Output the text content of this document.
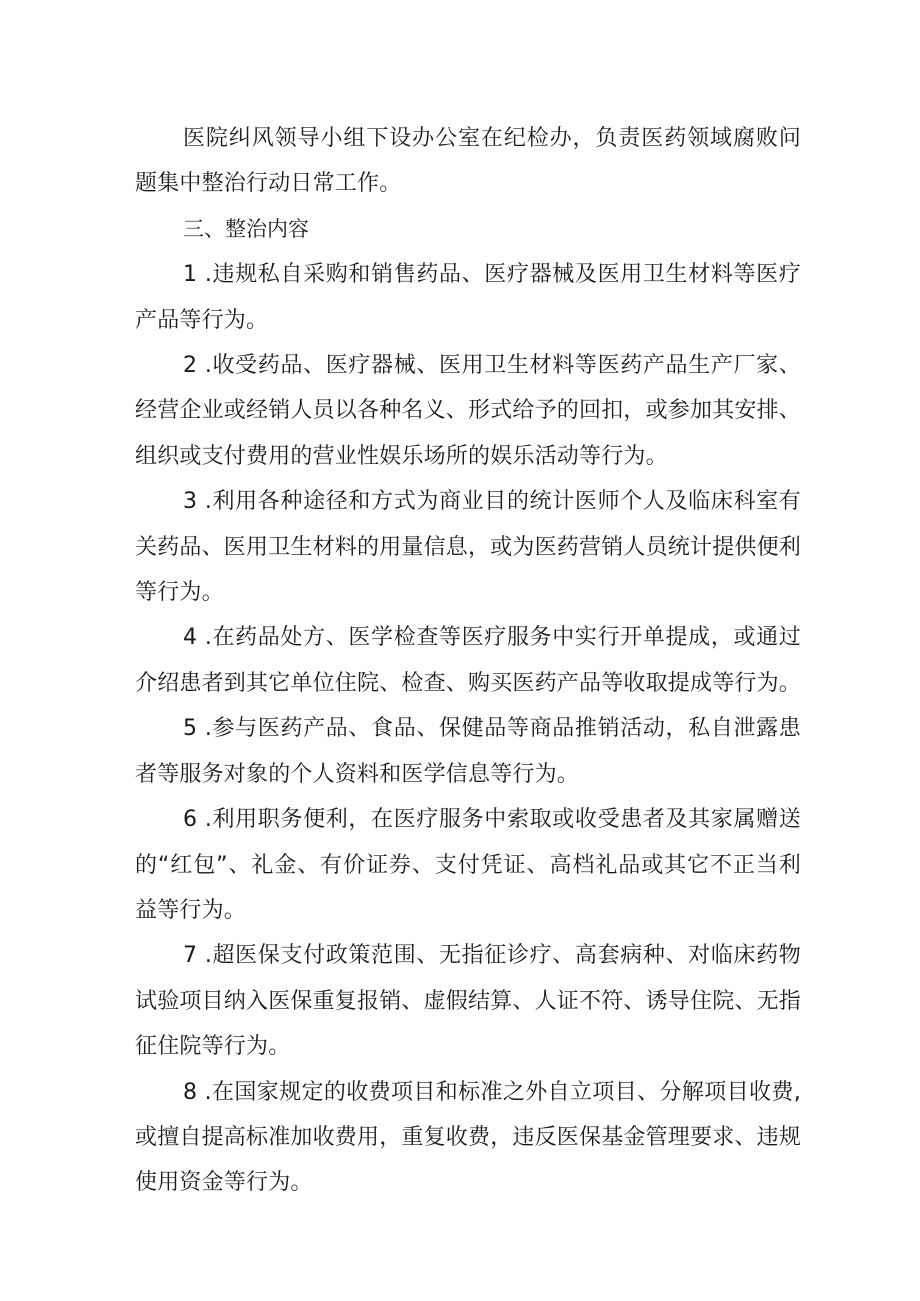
医院纠风领导小组下设办公室在纪检办，负责医药领域腐败问题集中整治行动日常工作。

三、整治内容

1 .违规私自采购和销售药品、医疗器械及医用卫生材料等医疗产品等行为。

2 .收受药品、医疗器械、医用卫生材料等医药产品生产厂家、经营企业或经销人员以各种名义、形式给予的回扣，或参加其安排、组织或支付费用的营业性娱乐场所的娱乐活动等行为。

3 .利用各种途径和方式为商业目的统计医师个人及临床科室有关药品、医用卫生材料的用量信息，或为医药营销人员统计提供便利等行为。

4 .在药品处方、医学检查等医疗服务中实行开单提成，或通过介绍患者到其它单位住院、检查、购买医药产品等收取提成等行为。

5 .参与医药产品、食品、保健品等商品推销活动，私自泄露患者等服务对象的个人资料和医学信息等行为。

6 .利用职务便利，在医疗服务中索取或收受患者及其家属赠送的“红包”、礼金、有价证券、支付凭证、高档礼品或其它不正当利益等行为。

7 .超医保支付政策范围、无指征诊疗、高套病种、对临床药物试验项目纳入医保重复报销、虚假结算、人证不符、诱导住院、无指征住院等行为。

8 .在国家规定的收费项目和标准之外自立项目、分解项目收费,或擅自提高标准加收费用，重复收费，违反医保基金管理要求、违规使用资金等行为。
